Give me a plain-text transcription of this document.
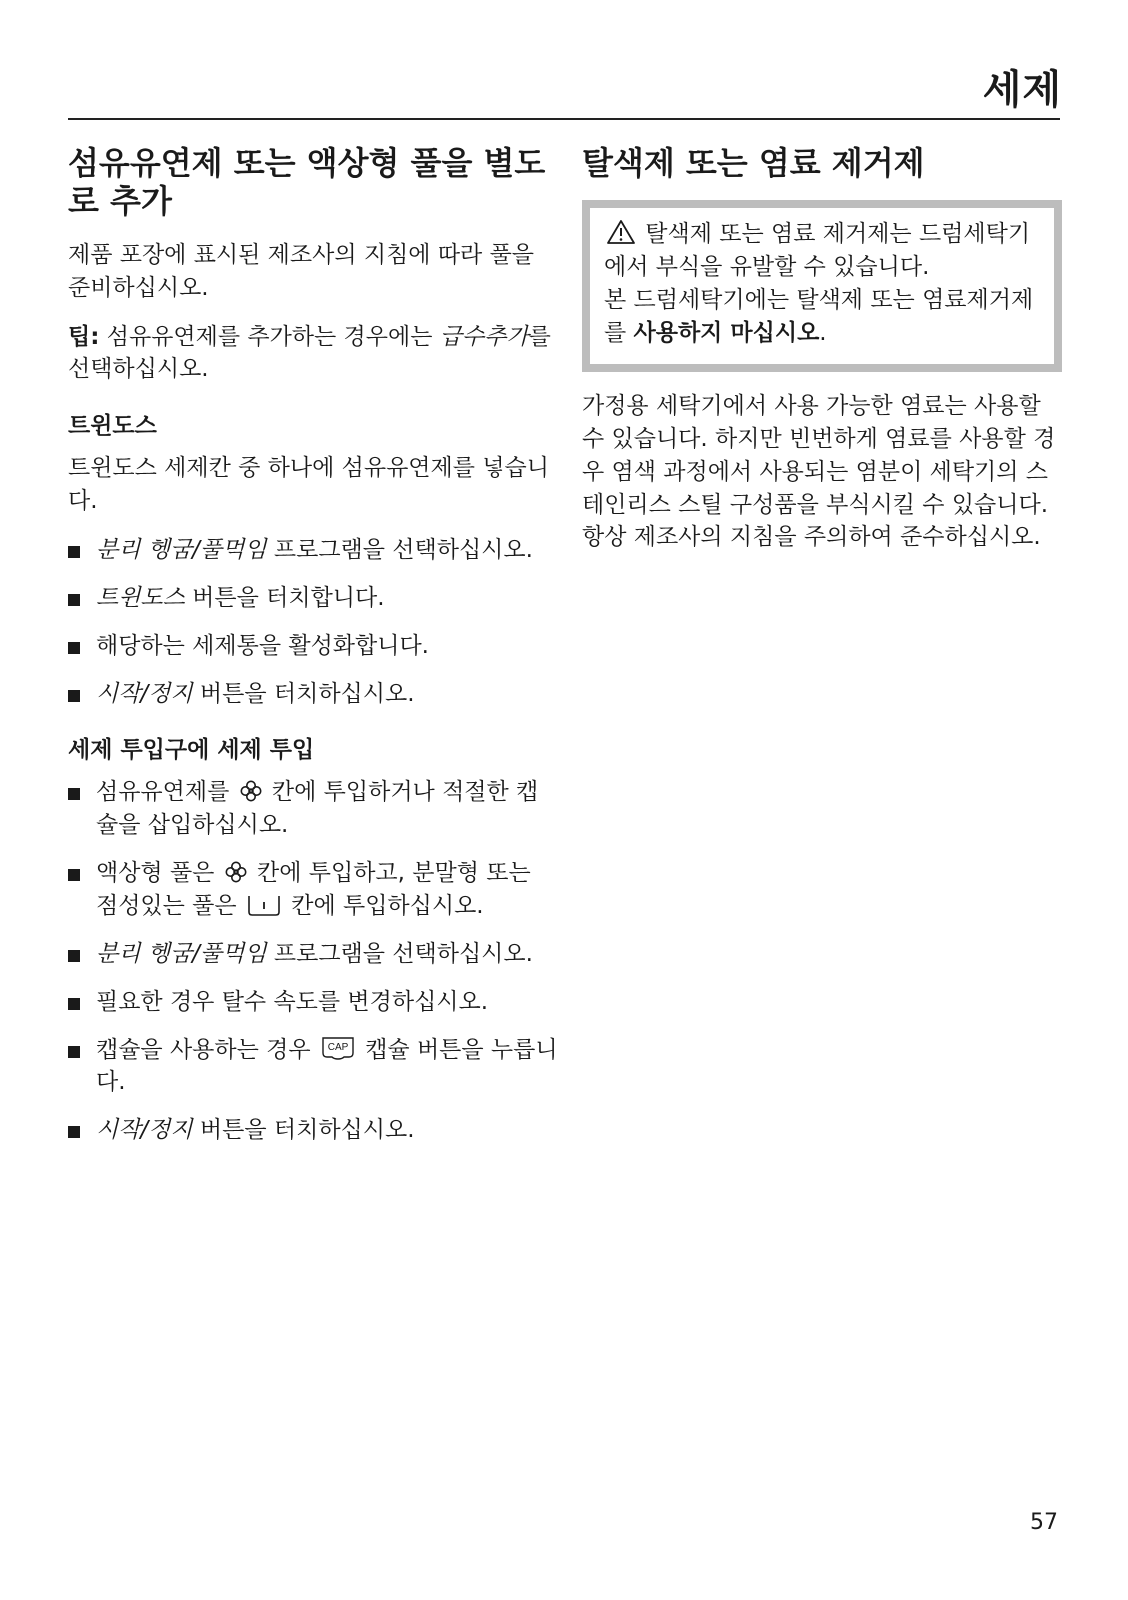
세제
섬유유연제 또는 액상형 풀을 별도로 추가

제품 포장에 표시된 제조사의 지침에 따라 풀을 준비하십시오.

팁: 섬유유연제를 추가하는 경우에는 급수추가를 선택하십시오.

트윈도스

트윈도스 세제칸 중 하나에 섬유유연제를 넣습니다.

분리 헹굼/풀먹임 프로그램을 선택하십시오.
트윈도스 버튼을 터치합니다.
해당하는 세제통을 활성화합니다.
시작/정지 버튼을 터치하십시오.
세제 투입구에 세제 투입
섬유유연제를  칸에 투입하거나 적절한 캡슐을 삽입하십시오.
액상형 풀은  칸에 투입하고, 분말형 또는 점성있는 풀은  칸에 투입하십시오.
분리 헹굼/풀먹임 프로그램을 선택하십시오.
필요한 경우 탈수 속도를 변경하십시오.
캡슐을 사용하는 경우 CAP 캡슐 버튼을 누릅니다.
시작/정지 버튼을 터치하십시오.
탈색제 또는 염료 제거제

탈색제 또는 염료 제거제는 드럼세탁기에서 부식을 유발할 수 있습니다.

본 드럼세탁기에는 탈색제 또는 염료제거제를 사용하지 마십시오.

가정용 세탁기에서 사용 가능한 염료는 사용할 수 있습니다. 하지만 빈번하게 염료를 사용할 경우 염색 과정에서 사용되는 염분이 세탁기의 스테인리스 스틸 구성품을 부식시킬 수 있습니다. 항상 제조사의 지침을 주의하여 준수하십시오.

57
